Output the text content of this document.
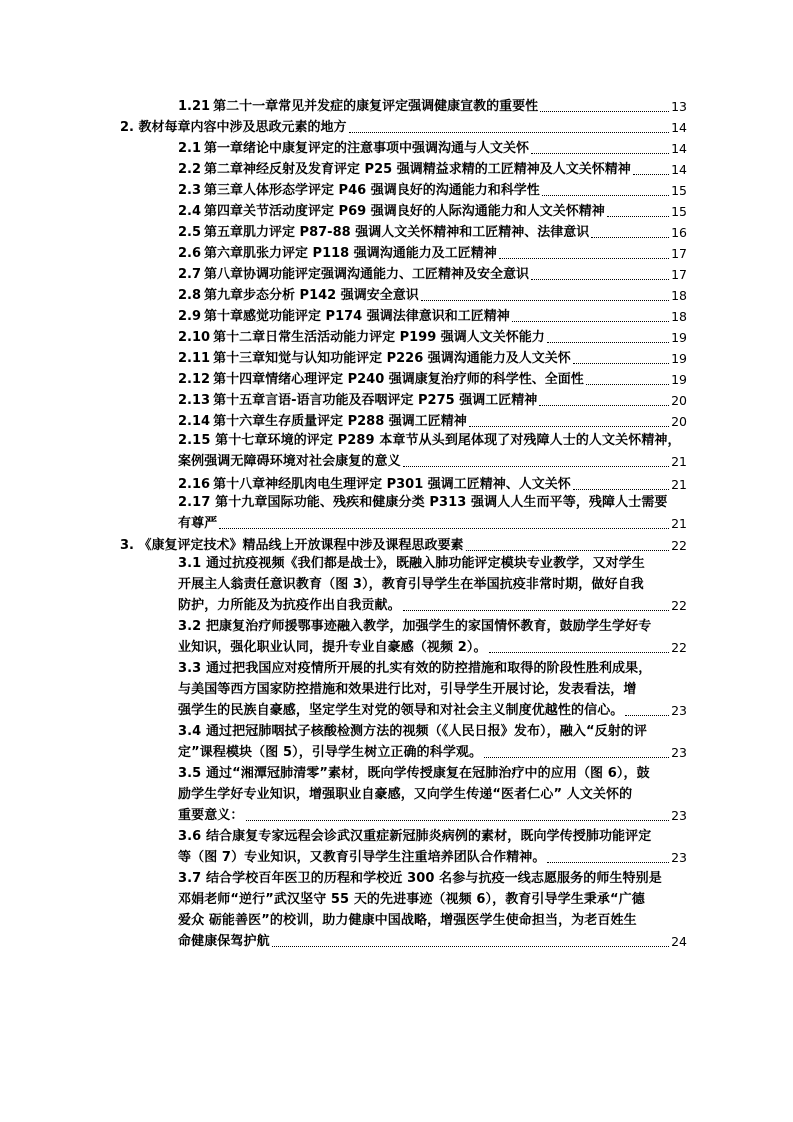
1.21 第二十一章常见并发症的康复评定强调健康宣教的重要性	13
2. 教材每章内容中涉及思政元素的地方	14
2.1 第一章绪论中康复评定的注意事项中强调沟通与人文关怀	14
2.2 第二章神经反射及发育评定 P25 强调精益求精的工匠精神及人文关怀精神	14
2.3 第三章人体形态学评定 P46 强调良好的沟通能力和科学性	15
2.4 第四章关节活动度评定 P69 强调良好的人际沟通能力和人文关怀精神	15
2.5 第五章肌力评定 P87-88 强调人文关怀精神和工匠精神、法律意识	16
2.6 第六章肌张力评定 P118 强调沟通能力及工匠精神	17
2.7 第八章协调功能评定强调沟通能力、工匠精神及安全意识	17
2.8 第九章步态分析 P142 强调安全意识	18
2.9 第十章感觉功能评定 P174 强调法律意识和工匠精神	18
2.10 第十二章日常生活活动能力评定 P199 强调人文关怀能力	19
2.11 第十三章知觉与认知功能评定 P226 强调沟通能力及人文关怀	19
2.12 第十四章情绪心理评定 P240 强调康复治疗师的科学性、全面性	19
2.13 第十五章言语-语言功能及吞咽评定 P275 强调工匠精神	20
2.14 第十六章生存质量评定 P288 强调工匠精神	20
2.15 第十七章环境的评定 P289 本章节从头到尾体现了对残障人士的人文关怀精神，
案例强调无障碍环境对社会康复的意义	21
2.16 第十八章神经肌肉电生理评定 P301 强调工匠精神、人文关怀	21
2.17 第十九章国际功能、残疾和健康分类 P313 强调人人生而平等，残障人士需要
有尊严	21
3. 《康复评定技术》精品线上开放课程中涉及课程思政要素	22
3.1 通过抗疫视频《我们都是战士》，既融入肺功能评定模块专业教学，又对学生
开展主人翁责任意识教育（图 3），教育引导学生在举国抗疫非常时期，做好自我
防护，力所能及为抗疫作出自我贡献。	22
3.2 把康复治疗师援鄂事迹融入教学，加强学生的家国情怀教育，鼓励学生学好专
业知识，强化职业认同，提升专业自豪感（视频 2）。	22
3.3 通过把我国应对疫情所开展的扎实有效的防控措施和取得的阶段性胜利成果，
与美国等西方国家防控措施和效果进行比对，引导学生开展讨论，发表看法，增
强学生的民族自豪感，坚定学生对党的领导和对社会主义制度优越性的信心。	23
3.4 通过把冠肺咽拭子核酸检测方法的视频（《人民日报》发布），融入“反射的评
定”课程模块（图 5），引导学生树立正确的科学观。	23
3.5 通过“湘潭冠肺清零”素材，既向学传授康复在冠肺治疗中的应用（图 6），鼓
励学生学好专业知识，增强职业自豪感，又向学生传递“医者仁心” 人文关怀的
重要意义：	23
3.6 结合康复专家远程会诊武汉重症新冠肺炎病例的素材，既向学传授肺功能评定
等（图 7）专业知识，又教育引导学生注重培养团队合作精神。	23
3.7 结合学校百年医卫的历程和学校近 300 名参与抗疫一线志愿服务的师生特别是
邓娟老师“逆行”武汉坚守 55 天的先进事迹（视频 6），教育引导学生秉承“广德
爱众 砺能善医”的校训，助力健康中国战略，增强医学生使命担当，为老百姓生
命健康保驾护航	24
